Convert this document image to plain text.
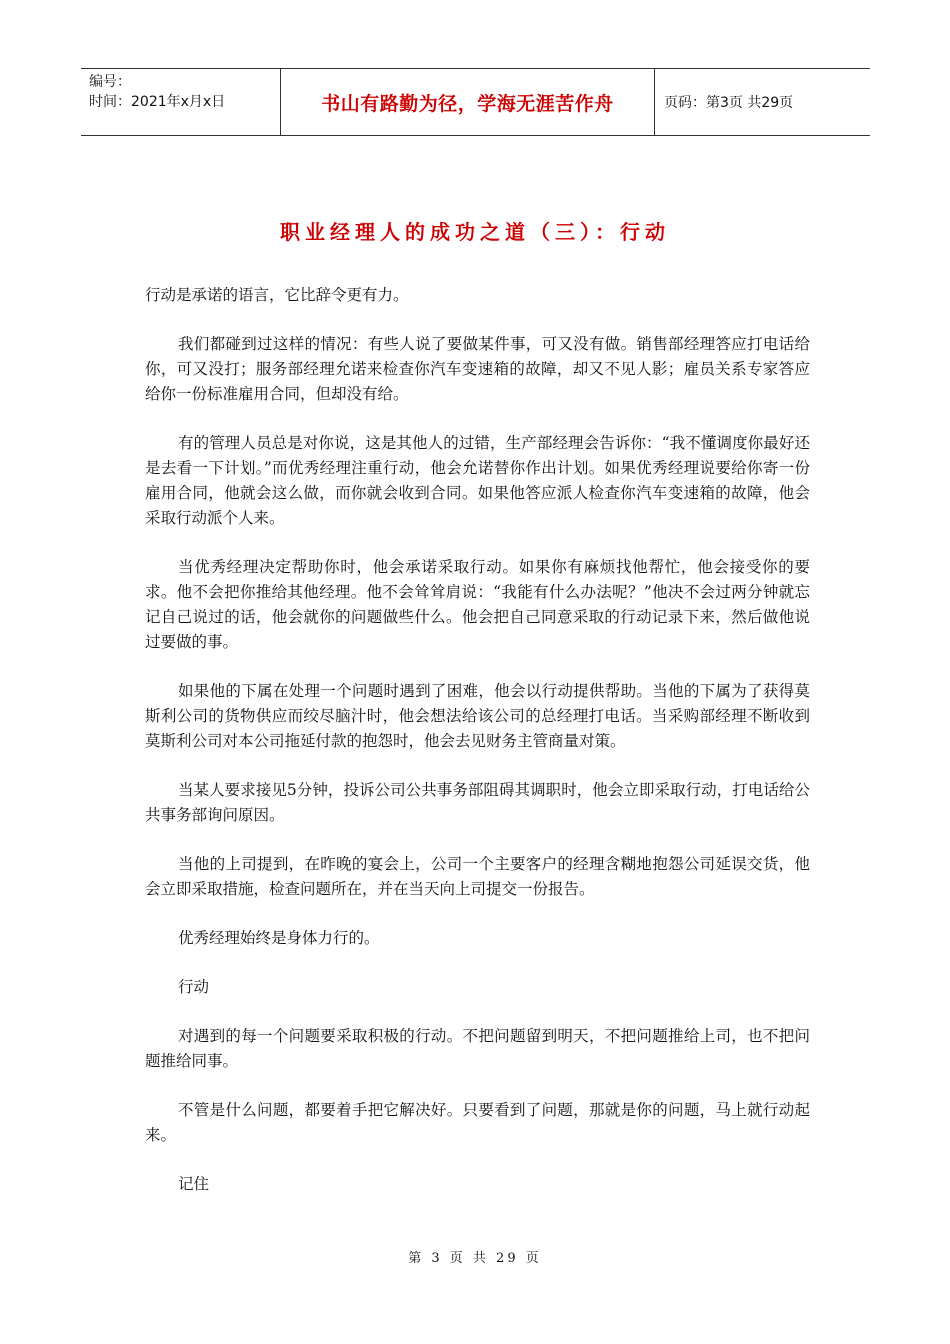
编号：
时间：2021年x月x日	书山有路勤为径，学海无涯苦作舟	页码：第3页 共29页
职业经理人的成功之道（三）：行动

行动是承诺的语言，它比辞令更有力。

我们都碰到过这样的情况：有些人说了要做某件事，可又没有做。销售部经理答应打电话给你，可又没打；服务部经理允诺来检查你汽车变速箱的故障，却又不见人影；雇员关系专家答应给你一份标准雇用合同，但却没有给。

有的管理人员总是对你说，这是其他人的过错，生产部经理会告诉你：“我不懂调度你最好还是去看一下计划。”而优秀经理注重行动，他会允诺替你作出计划。如果优秀经理说要给你寄一份雇用合同，他就会这么做，而你就会收到合同。如果他答应派人检查你汽车变速箱的故障，他会采取行动派个人来。

当优秀经理决定帮助你时，他会承诺采取行动。如果你有麻烦找他帮忙，他会接受你的要求。他不会把你推给其他经理。他不会耸耸肩说：“我能有什么办法呢？”他决不会过两分钟就忘记自己说过的话，他会就你的问题做些什么。他会把自己同意采取的行动记录下来，然后做他说过要做的事。

如果他的下属在处理一个问题时遇到了困难，他会以行动提供帮助。当他的下属为了获得莫斯利公司的货物供应而绞尽脑汁时，他会想法给该公司的总经理打电话。当采购部经理不断收到莫斯利公司对本公司拖延付款的抱怨时，他会去见财务主管商量对策。

当某人要求接见5分钟，投诉公司公共事务部阻碍其调职时，他会立即采取行动，打电话给公共事务部询问原因。

当他的上司提到，在昨晚的宴会上，公司一个主要客户的经理含糊地抱怨公司延误交货，他会立即采取措施，检查问题所在，并在当天向上司提交一份报告。

优秀经理始终是身体力行的。

行动

对遇到的每一个问题要采取积极的行动。不把问题留到明天，不把问题推给上司，也不把问题推给同事。

不管是什么问题，都要着手把它解决好。只要看到了问题，那就是你的问题，马上就行动起来。

记住

第 3 页 共 29 页
